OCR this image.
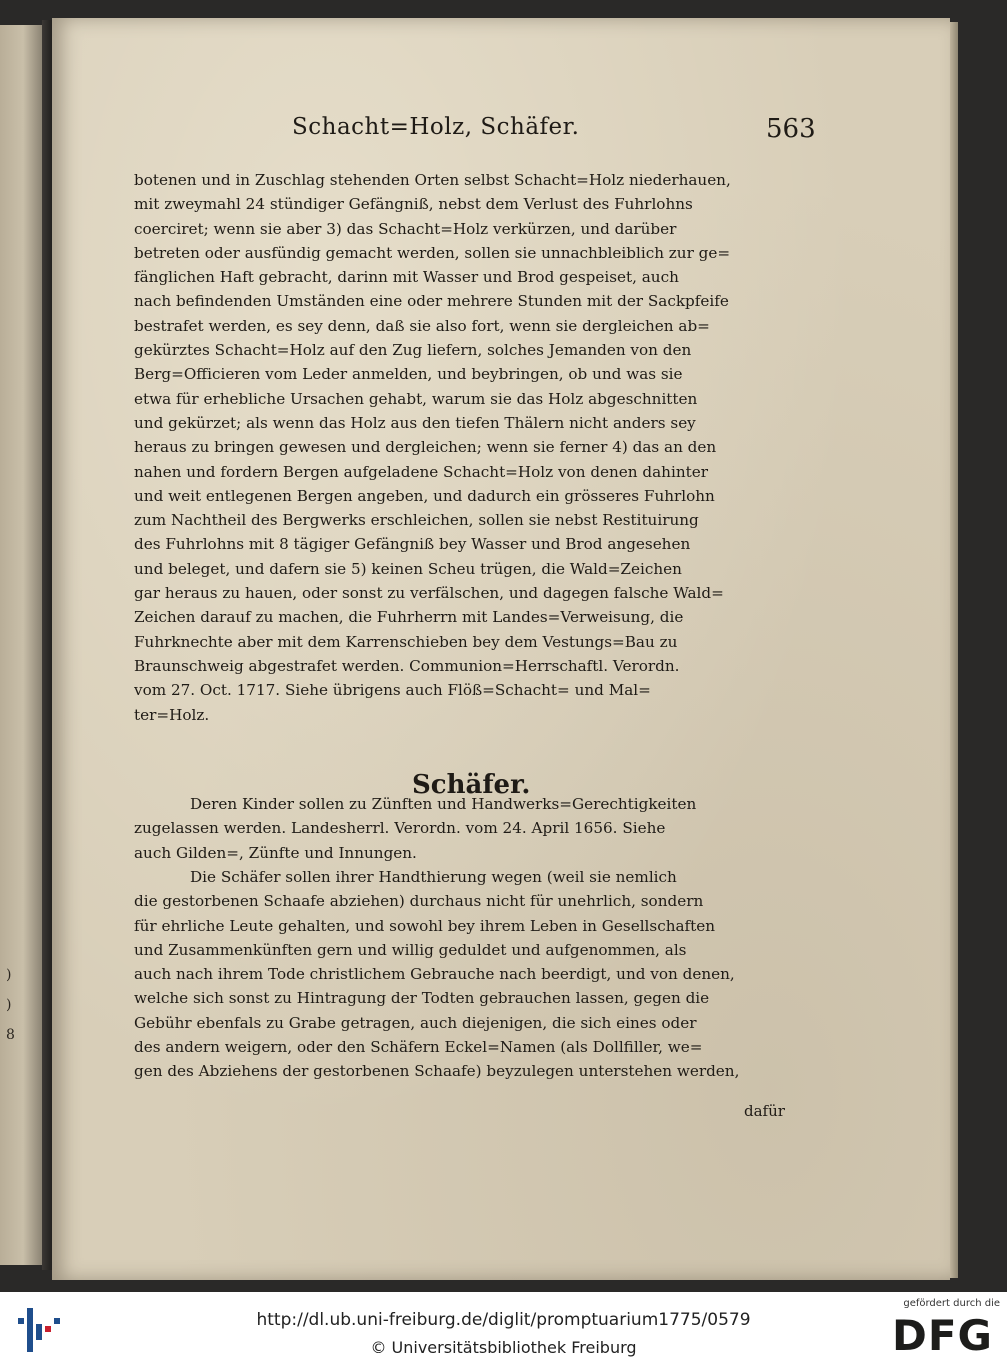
)
)
8
Schacht=Holz, Schäfer.	563
botenen und in Zuschlag stehenden Orten selbst Schacht=Holz niederhauen,
mit zweymahl 24 stündiger Gefängniß, nebst dem Verlust des Fuhrlohns
coerciret; wenn sie aber 3) das Schacht=Holz verkürzen, und darüber
betreten oder ausfündig gemacht werden, sollen sie unnachbleiblich zur ge=
fänglichen Haft gebracht, darinn mit Wasser und Brod gespeiset, auch
nach befindenden Umständen eine oder mehrere Stunden mit der Sackpfeife
bestrafet werden, es sey denn, daß sie also fort, wenn sie dergleichen ab=
gekürztes Schacht=Holz auf den Zug liefern, solches Jemanden von den
Berg=Officieren vom Leder anmelden, und beybringen, ob und was sie
etwa für erhebliche Ursachen gehabt, warum sie das Holz abgeschnitten
und gekürzet; als wenn das Holz aus den tiefen Thälern nicht anders sey
heraus zu bringen gewesen und dergleichen; wenn sie ferner 4) das an den
nahen und fordern Bergen aufgeladene Schacht=Holz von denen dahinter
und weit entlegenen Bergen angeben, und dadurch ein grösseres Fuhrlohn
zum Nachtheil des Bergwerks erschleichen, sollen sie nebst Restituirung
des Fuhrlohns mit 8 tägiger Gefängniß bey Wasser und Brod angesehen
und beleget, und dafern sie 5) keinen Scheu trügen, die Wald=Zeichen
gar heraus zu hauen, oder sonst zu verfälschen, und dagegen falsche Wald=
Zeichen darauf zu machen, die Fuhrherrn mit Landes=Verweisung, die
Fuhrknechte aber mit dem Karrenschieben bey dem Vestungs=Bau zu
Braunschweig abgestrafet werden. Communion=Herrschaftl. Verordn.
vom 27. Oct. 1717. Siehe übrigens auch Flöß=Schacht= und Mal=
ter=Holz.
Schäfer.
Deren Kinder sollen zu Zünften und Handwerks=Gerechtigkeiten
zugelassen werden. Landesherrl. Verordn. vom 24. April 1656. Siehe
auch Gilden=, Zünfte und Innungen.
Die Schäfer sollen ihrer Handthierung wegen (weil sie nemlich
die gestorbenen Schaafe abziehen) durchaus nicht für unehrlich, sondern
für ehrliche Leute gehalten, und sowohl bey ihrem Leben in Gesellschaften
und Zusammenkünften gern und willig geduldet und aufgenommen, als
auch nach ihrem Tode christlichem Gebrauche nach beerdigt, und von denen,
welche sich sonst zu Hintragung der Todten gebrauchen lassen, gegen die
Gebühr ebenfals zu Grabe getragen, auch diejenigen, die sich eines oder
des andern weigern, oder den Schäfern Eckel=Namen (als Dollfiller, we=
gen des Abziehens der gestorbenen Schaafe) beyzulegen unterstehen werden,
dafür
http://dl.ub.uni-freiburg.de/diglit/promptuarium1775/0579
© Universitätsbibliothek Freiburg
gefördert durch die
DFG
